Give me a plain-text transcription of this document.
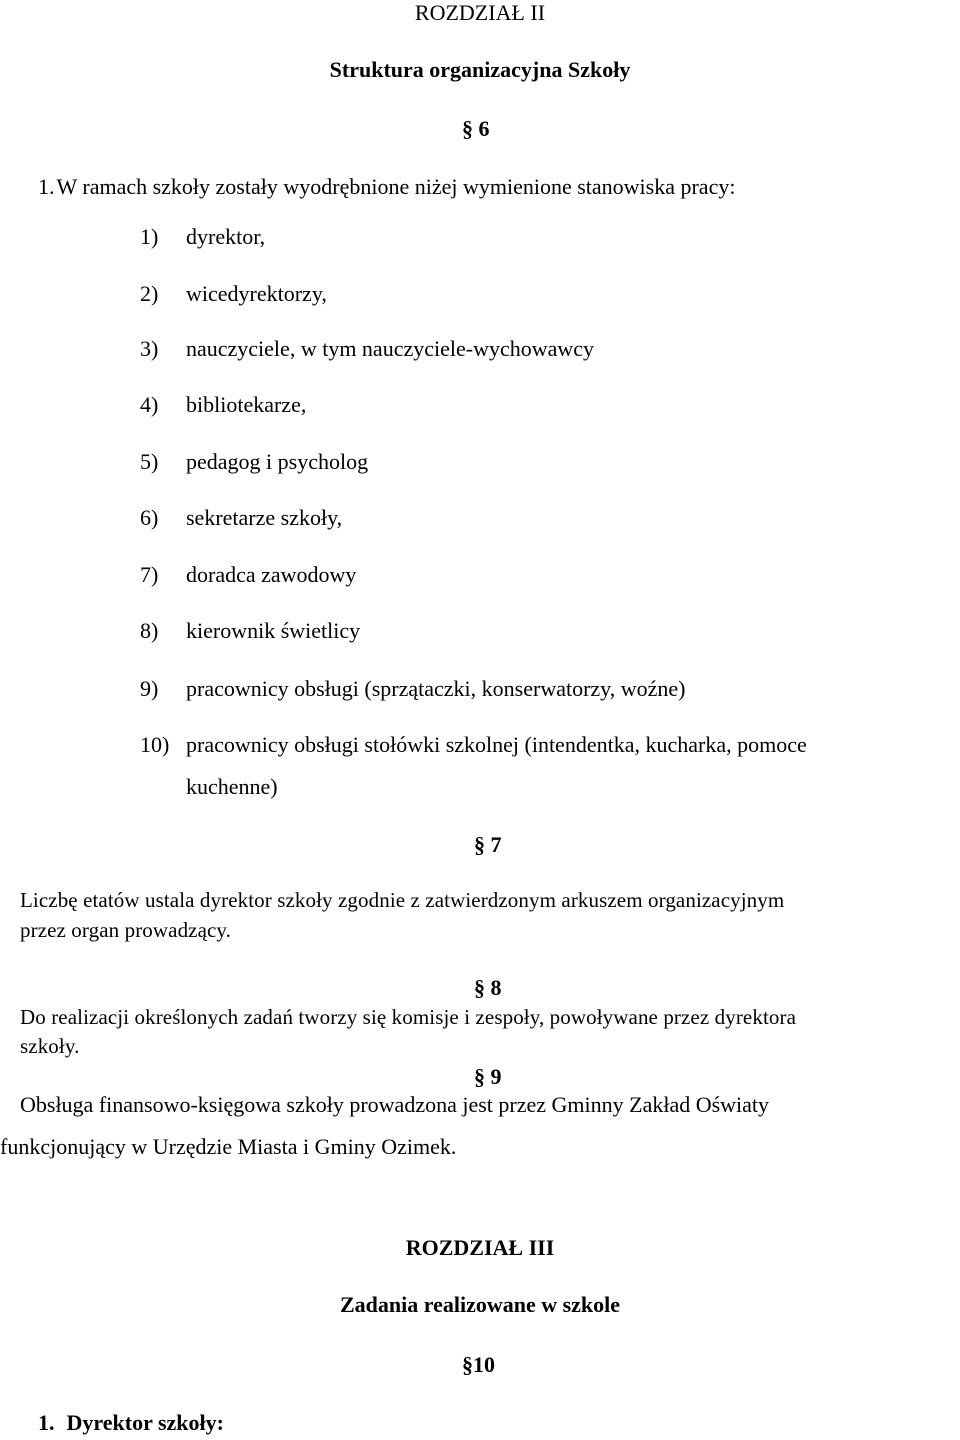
ROZDZIAŁ II
Struktura organizacyjna Szkoły
§ 6
1.W ramach szkoły zostały wyodrębnione niżej wymienione stanowiska pracy:
1) dyrektor,
2) wicedyrektorzy,
3) nauczyciele, w tym nauczyciele-wychowawcy
4) bibliotekarze,
5) pedagog i psycholog
6) sekretarze szkoły,
7) doradca zawodowy
8) kierownik świetlicy
9) pracownicy obsługi (sprzątaczki, konserwatorzy, woźne)
10) pracownicy obsługi stołówki szkolnej (intendentka, kucharka, pomoce
kuchenne)
§ 7
Liczbę etatów ustala dyrektor szkoły zgodnie z zatwierdzonym arkuszem organizacyjnym
przez organ prowadzący.
§ 8
Do realizacji określonych zadań tworzy się komisje i zespoły, powoływane przez dyrektora
szkoły.
§ 9
Obsługa finansowo-księgowa szkoły prowadzona jest przez Gminny Zakład Oświaty
funkcjonujący w Urzędzie Miasta i Gminy Ozimek.
ROZDZIAŁ III
Zadania realizowane w szkole
§10
1. Dyrektor szkoły:
